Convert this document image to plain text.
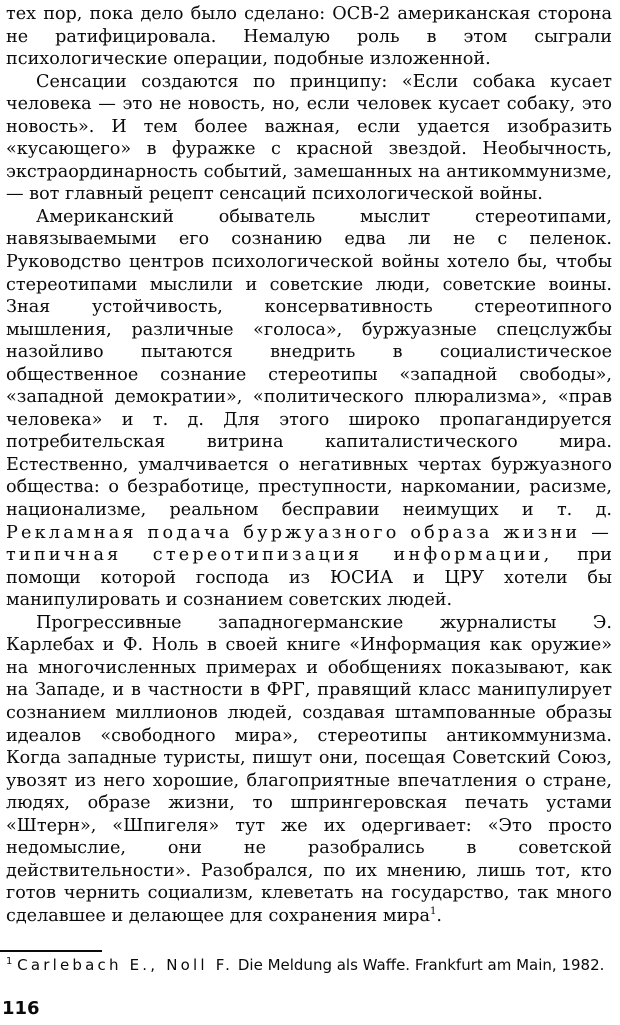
тех пор, пока дело было сделано: ОСВ-2 американская сторона не ратифицировала. Немалую роль в этом сыграли психологические операции, подобные изложенной.

Сенсации создаются по принципу: «Если собака кусает человека — это не новость, но, если человек кусает собаку, это новость». И тем более важная, если удается изобразить «кусающего» в фуражке с красной звездой. Необычность, экстраординарность событий, замешанных на антикоммунизме, — вот главный рецепт сенсаций психологической войны.

Американский обыватель мыслит стереотипами, навязываемыми его сознанию едва ли не с пеленок. Руководство центров психологической войны хотело бы, чтобы стереотипами мыслили и советские люди, советские воины. Зная устойчивость, консервативность стереотипного мышления, различные «голоса», буржуазные спецслужбы назойливо пытаются внедрить в социалистическое общественное сознание стереотипы «западной свободы», «западной демократии», «политического плюрализма», «прав человека» и т. д. Для этого широко пропагандируется потребительская витрина капиталистического мира. Естественно, умалчивается о негативных чертах буржуазного общества: о безработице, преступности, наркомании, расизме, национализме, реальном бесправии неимущих и т. д. Рекламная подача буржуазного образа жизни — типичная стереотипизация информации, при помощи которой господа из ЮСИА и ЦРУ хотели бы манипулировать и сознанием советских людей.

Прогрессивные западногерманские журналисты Э. Карлебах и Ф. Ноль в своей книге «Информация как оружие» на многочисленных примерах и обобщениях показывают, как на Западе, и в частности в ФРГ, правящий класс манипулирует сознанием миллионов людей, создавая штампованные образы идеалов «свободного мира», стереотипы антикоммунизма. Когда западные туристы, пишут они, посещая Советский Союз, увозят из него хорошие, благоприятные впечатления о стране, людях, образе жизни, то шпрингеровская печать устами «Штерн», «Шпигеля» тут же их одергивает: «Это просто недомыслие, они не разобрались в советской действительности». Разобрался, по их мнению, лишь тот, кто готов чернить социализм, клеветать на государство, так много сделавшее и делающее для сохранения мира$^1$.

$^1$ Carlebach E., Noll F. Die Meldung als Waffe. Frankfurt am Main, 1982.
116
